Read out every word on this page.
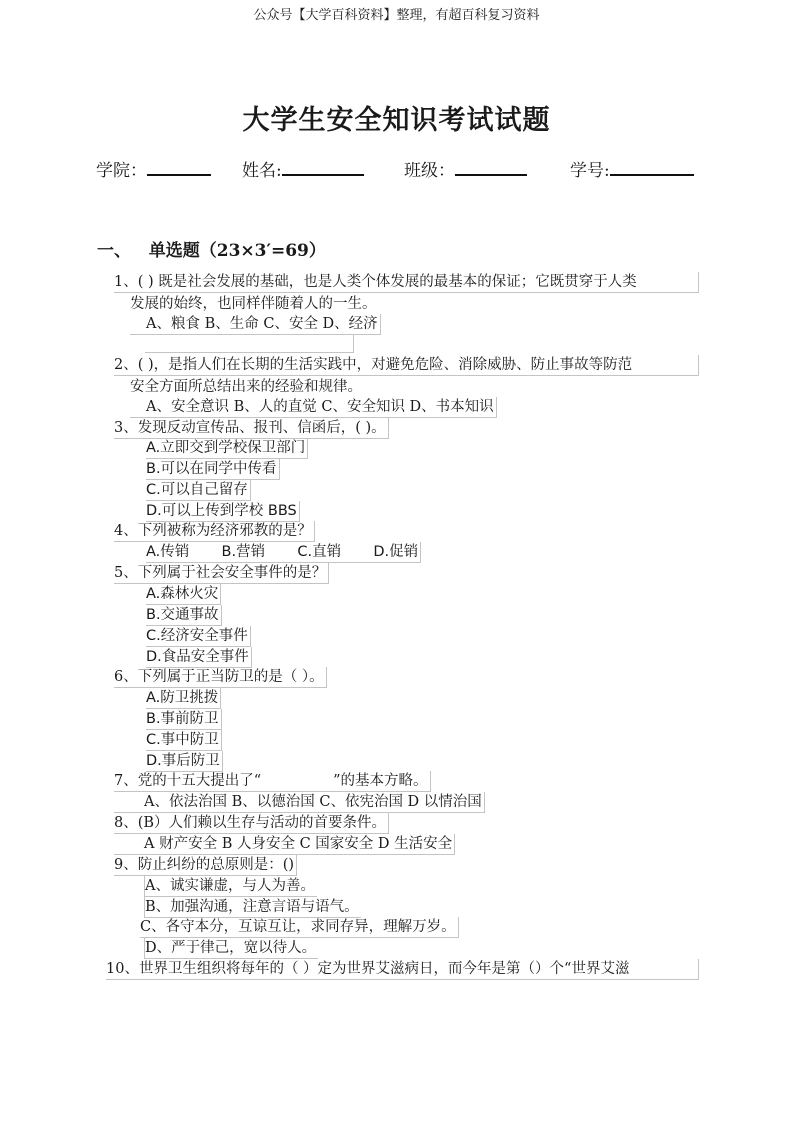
公众号【大学百科资料】整理，有超百科复习资料
大学生安全知识考试试题
学院：	姓名:	班级：	学号:
一、 单选题（23×3′=69）
1、( ) 既是社会发展的基础，也是人类个体发展的最基本的保证；它既贯穿于人类
发展的始终，也同样伴随着人的一生。
A、粮食 B、生命 C、安全 D、经济
2、( )，是指人们在长期的生活实践中，对避免危险、消除威胁、防止事故等防范
安全方面所总结出来的经验和规律。
A、安全意识 B、人的直觉 C、安全知识 D、书本知识
3、发现反动宣传品、报刊、信函后，( )。
A.立即交到学校保卫部门
B.可以在同学中传看
C.可以自己留存
D.可以上传到学校 BBS
4、下列被称为经济邪教的是？
A.传销 B.营销 C.直销 D.促销
5、下列属于社会安全事件的是？
A.森林火灾
B.交通事故
C.经济安全事件
D.食品安全事件
6、下列属于正当防卫的是（ ）。
A.防卫挑拨
B.事前防卫
C.事中防卫
D.事后防卫
7、党的十五大提出了“	”的基本方略。
A、依法治国 B、以德治国 C、依宪治国 D 以情治国
8、(B）人们赖以生存与活动的首要条件。
A 财产安全 B 人身安全 C 国家安全 D 生活安全
9、防止纠纷的总原则是：()
A、诚实谦虚，与人为善。
B、加强沟通，注意言语与语气。
C、各守本分，互谅互让，求同存异，理解万岁。
D、严于律己，宽以待人。
10、世界卫生组织将每年的（ ）定为世界艾滋病日，而今年是第（）个“世界艾滋
